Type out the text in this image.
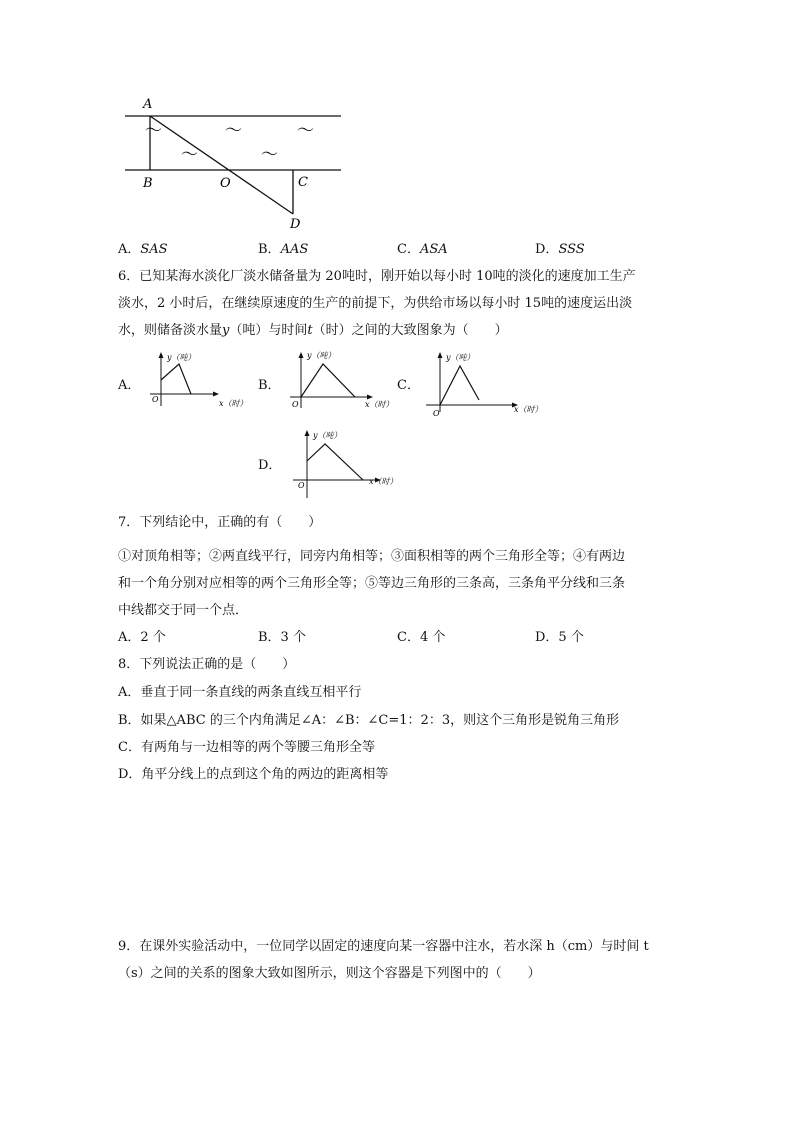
～	～	～
～	～
A
B	O	C
D
A．SAS	B．AAS	C．ASA	D．SSS
6．已知某海水淡化厂淡水储备量为 20吨时，刚开始以每小时 10吨的淡化的速度加工生产
淡水，2 小时后，在继续原速度的生产的前提下，为供给市场以每小时 15吨的速度运出淡
水，则储备淡水量y（吨）与时间t（时）之间的大致图象为（　　）
A．
y（吨）
O	x（时）
B．
y（吨）
O	x（时）
C．
y（吨）
O	x（时）
D．
y（吨）
O	x（时）
7．下列结论中，正确的有（　　）
①对顶角相等；②两直线平行，同旁内角相等；③面积相等的两个三角形全等；④有两边
和一个角分别对应相等的两个三角形全等；⑤等边三角形的三条高，三条角平分线和三条
中线都交于同一个点．
A．2 个	B．3 个	C．4 个	D．5 个
8．下列说法正确的是（　　）
A．垂直于同一条直线的两条直线互相平行
B．如果△ABC 的三个内角满足∠A：∠B：∠C=1：2：3，则这个三角形是锐角三角形
C．有两角与一边相等的两个等腰三角形全等
D．角平分线上的点到这个角的两边的距离相等
9．在课外实验活动中，一位同学以固定的速度向某一容器中注水，若水深 h（cm）与时间 t
（s）之间的关系的图象大致如图所示，则这个容器是下列图中的（　　）
